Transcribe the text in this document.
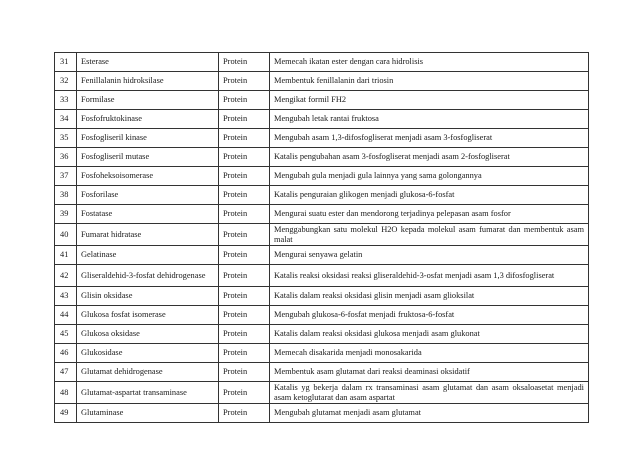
31	Esterase	Protein	Memecah ikatan ester dengan cara hidrolisis
32	Fenillalanin hidroksilase	Protein	Membentuk fenillalanin dari triosin
33	Formilase	Protein	Mengikat formil FH2
34	Fosfofruktokinase	Protein	Mengubah letak rantai fruktosa
35	Fosfogliseril kinase	Protein	Mengubah asam 1,3-difosfogliserat menjadi asam 3-fosfogliserat
36	Fosfogliseril mutase	Protein	Katalis pengubahan asam 3-fosfogliserat menjadi asam 2-fosfogliserat
37	Fosfoheksoisomerase	Protein	Mengubah gula menjadi gula lainnya yang sama golongannya
38	Fosforilase	Protein	Katalis penguraian glikogen menjadi glukosa-6-fosfat
39	Fostatase	Protein	Mengurai suatu ester dan mendorong terjadinya pelepasan asam fosfor
40	Fumarat hidratase	Protein	Menggabungkan satu molekul H2O kepada molekul asam fumarat dan membentuk asam malat
41	Gelatinase	Protein	Mengurai senyawa gelatin
42	Gliseraldehid-3-fosfat dehidrogenase	Protein	Katalis reaksi oksidasi reaksi gliseraldehid-3-osfat menjadi asam 1,3 difosfogliserat
43	Glisin oksidase	Protein	Katalis dalam reaksi oksidasi glisin menjadi asam glioksilat
44	Glukosa fosfat isomerase	Protein	Mengubah glukosa-6-fosfat menjadi fruktosa-6-fosfat
45	Glukosa oksidase	Protein	Katalis dalam reaksi oksidasi glukosa menjadi asam glukonat
46	Glukosidase	Protein	Memecah disakarida menjadi monosakarida
47	Glutamat dehidrogenase	Protein	Membentuk asam glutamat dari reaksi deaminasi oksidatif
48	Glutamat-aspartat transaminase	Protein	Katalis yg bekerja dalam rx transaminasi asam glutamat dan asam oksaloasetat menjadi asam ketoglutarat dan asam aspartat
49	Glutaminase	Protein	Mengubah glutamat menjadi asam glutamat
